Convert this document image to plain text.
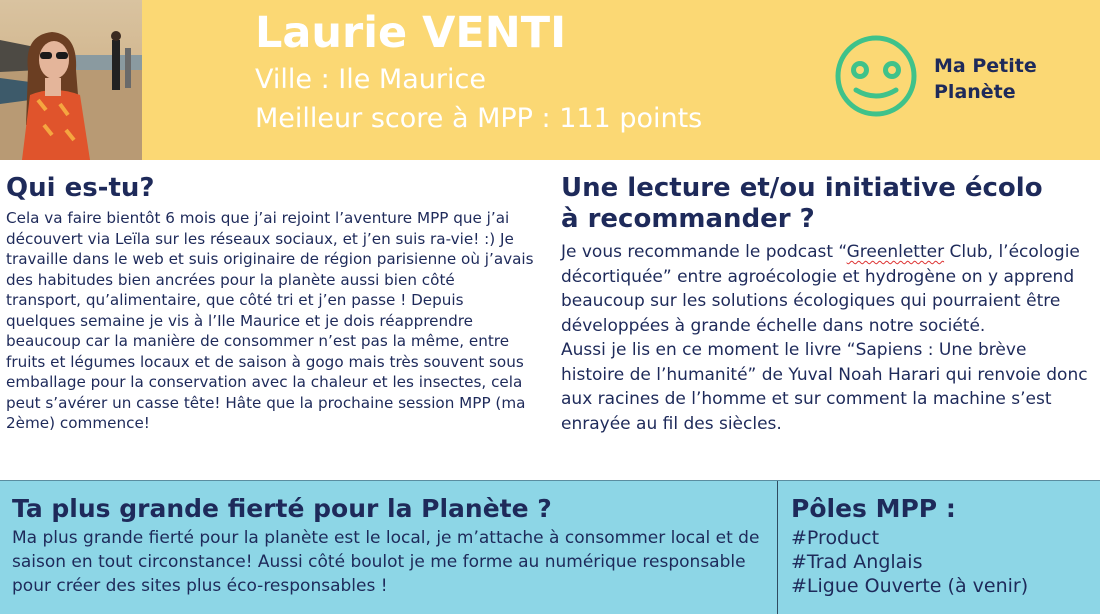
Laurie VENTI
Ville : Ile Maurice
Meilleur score à MPP : 111 points
Ma Petite
Planète
Qui es-tu?
Cela va faire bientôt 6 mois que j’ai rejoint l’aventure MPP que j’ai découvert via Leïla sur les réseaux sociaux, et j’en suis ra-vie! :) Je travaille dans le web et suis originaire de région parisienne où j’avais des habitudes bien ancrées pour la planète aussi bien côté transport, qu’alimentaire, que côté tri et j’en passe ! Depuis quelques semaine je vis à l’Ile Maurice et je dois réapprendre beaucoup car la manière de consommer n’est pas la même, entre fruits et légumes locaux et de saison à gogo mais très souvent sous emballage pour la conservation avec la chaleur et les insectes, cela peut s’avérer un casse tête! Hâte que la prochaine session MPP (ma 2ème) commence!
Une lecture et/ou initiative écolo
à recommander ?

Je vous recommande le podcast “Greenletter Club, l’écologie décortiquée” entre agroécologie et hydrogène on y apprend beaucoup sur les solutions écologiques qui pourraient être développées à grande échelle dans notre société.

Aussi je lis en ce moment le livre “Sapiens : Une brève histoire de l’humanité” de Yuval Noah Harari qui renvoie donc aux racines de l’homme et sur comment la machine s’est enrayée au fil des siècles.

Ta plus grande fierté pour la Planète ?
Ma plus grande fierté pour la planète est le local, je m’attache à consommer local et de saison en tout circonstance! Aussi côté boulot je me forme au numérique responsable pour créer des sites plus éco-responsables !
Pôles MPP :
#Product
#Trad Anglais
#Ligue Ouverte (à venir)
